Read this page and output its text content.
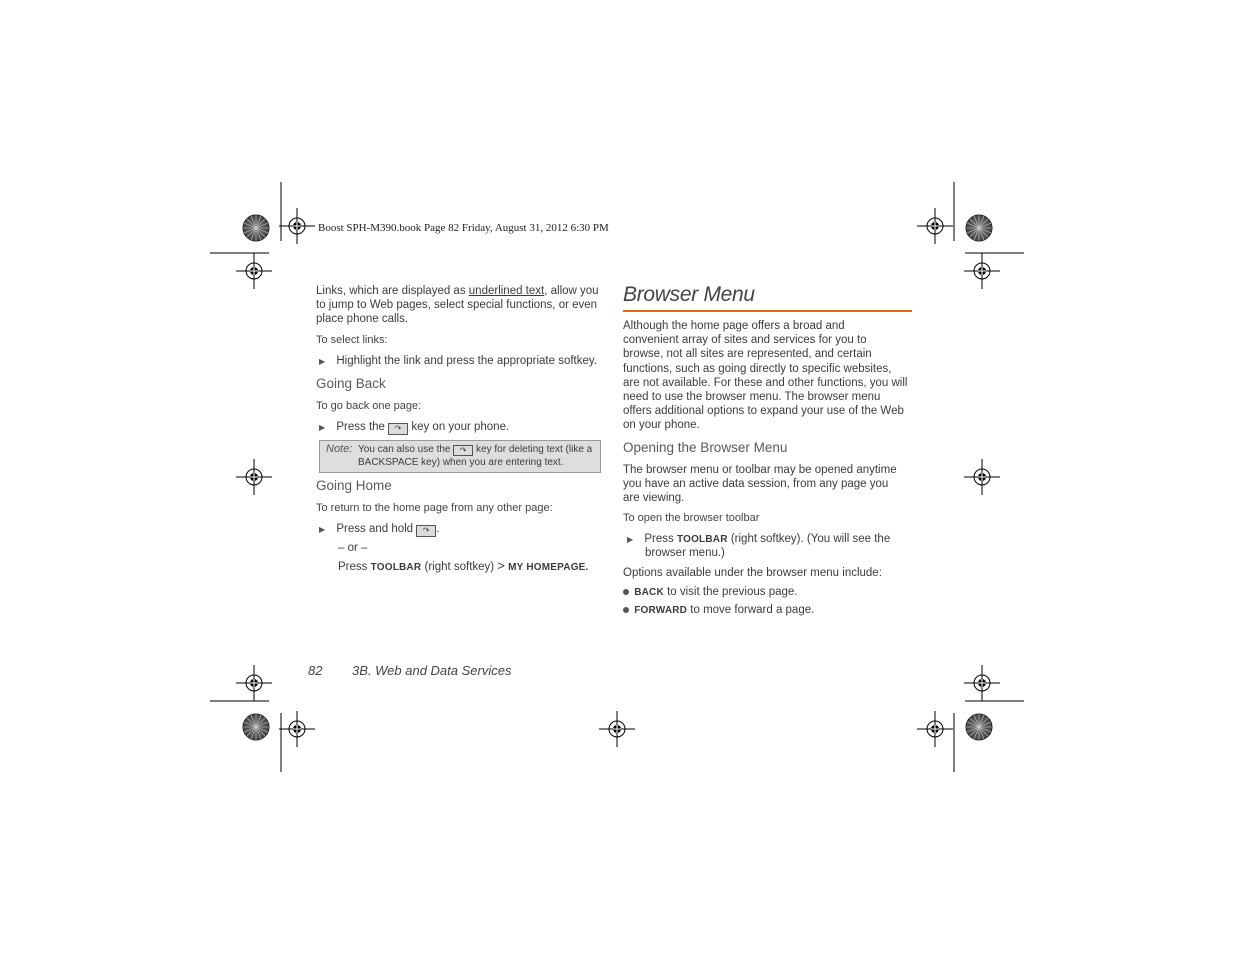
Boost SPH-M390.book Page 82 Friday, August 31, 2012 6:30 PM
Links, which are displayed as underlined text, allow you
to jump to Web pages, select special functions, or even
place phone calls.
To select links:
▶ Highlight the link and press the appropriate softkey.
Going Back
To go back one page:
▶ Press the ↷ key on your phone.
Note: You can also use the ↷ key for deleting text (like a
BACKSPACE key) when you are entering text.
Going Home
To return to the home page from any other page:
▶ Press and hold ↷ .
– or –
Press TOOLBAR (right softkey) > MY HOMEPAGE.
Browser Menu
Although the home page offers a broad and
convenient array of sites and services for you to
browse, not all sites are represented, and certain
functions, such as going directly to specific websites,
are not available. For these and other functions, you will
need to use the browser menu. The browser menu
offers additional options to expand your use of the Web
on your phone.
Opening the Browser Menu
The browser menu or toolbar may be opened anytime
you have an active data session, from any page you
are viewing.
To open the browser toolbar
▶ Press TOOLBAR (right softkey). (You will see the
browser menu.)
Options available under the browser menu include:
BACK to visit the previous page.
FORWARD to move forward a page.
82 3B. Web and Data Services
